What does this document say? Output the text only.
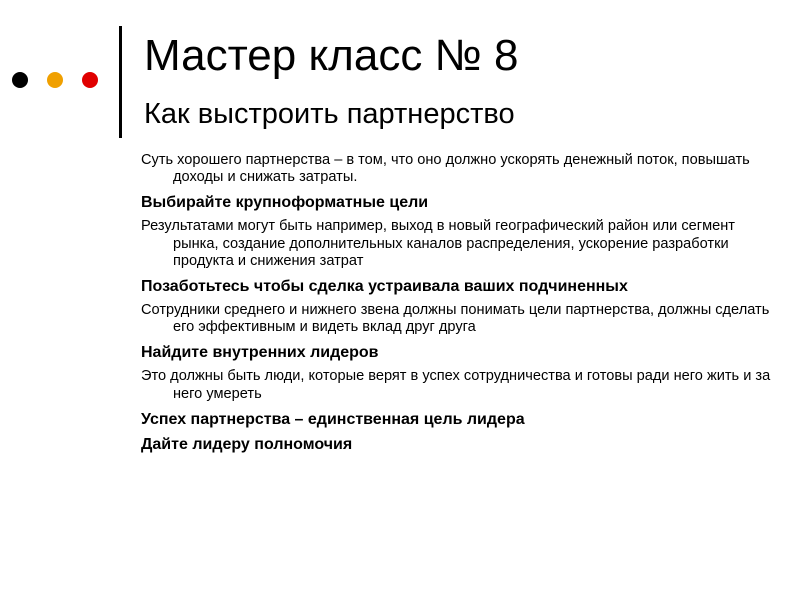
Мастер класс № 8
Как выстроить партнерство
Суть хорошего партнерства – в том, что оно должно ускорять денежный поток, повышать доходы и снижать затраты.
Выбирайте крупноформатные цели
Результатами могут быть например, выход в новый географический район или сегмент рынка, создание дополнительных каналов распределения, ускорение разработки продукта и снижения затрат
Позаботьтесь чтобы сделка устраивала ваших подчиненных
Сотрудники среднего и нижнего звена должны понимать цели партнерства, должны сделать его эффективным и видеть вклад друг друга
Найдите внутренних лидеров
Это должны быть люди, которые верят в успех сотрудничества и готовы ради него жить и за него умереть
Успех партнерства – единственная цель лидера
Дайте лидеру полномочия
